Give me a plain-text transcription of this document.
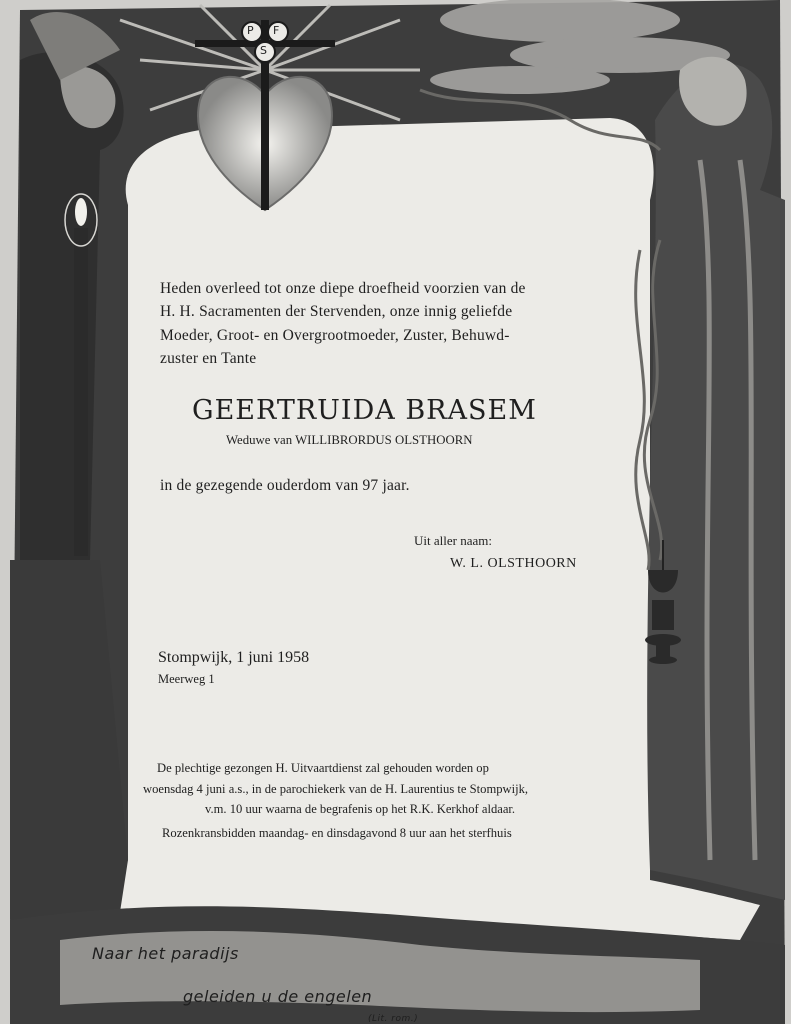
Heden overleed tot onze diepe droefheid voorzien van de
H. H. Sacramenten der Stervenden, onze innig geliefde
Moeder, Groot- en Overgrootmoeder, Zuster, Behuwd-
zuster en Tante
GEERTRUIDA BRASEM
Weduwe van WILLIBRORDUS OLSTHOORN
in de gezegende ouderdom van 97 jaar.
Uit aller naam:
W. L. OLSTHOORN
Stompwijk, 1 juni 1958
Meerweg 1
De plechtige gezongen H. Uitvaartdienst zal gehouden worden op
woensdag 4 juni a.s., in de parochiekerk van de H. Laurentius te Stompwijk,
v.m. 10 uur waarna de begrafenis op het R.K. Kerkhof aldaar.
Rozenkransbidden maandag- en dinsdagavond 8 uur aan het sterfhuis
Naar het paradijs
geleiden u de engelen
(Lit. rom.)
P F
S
